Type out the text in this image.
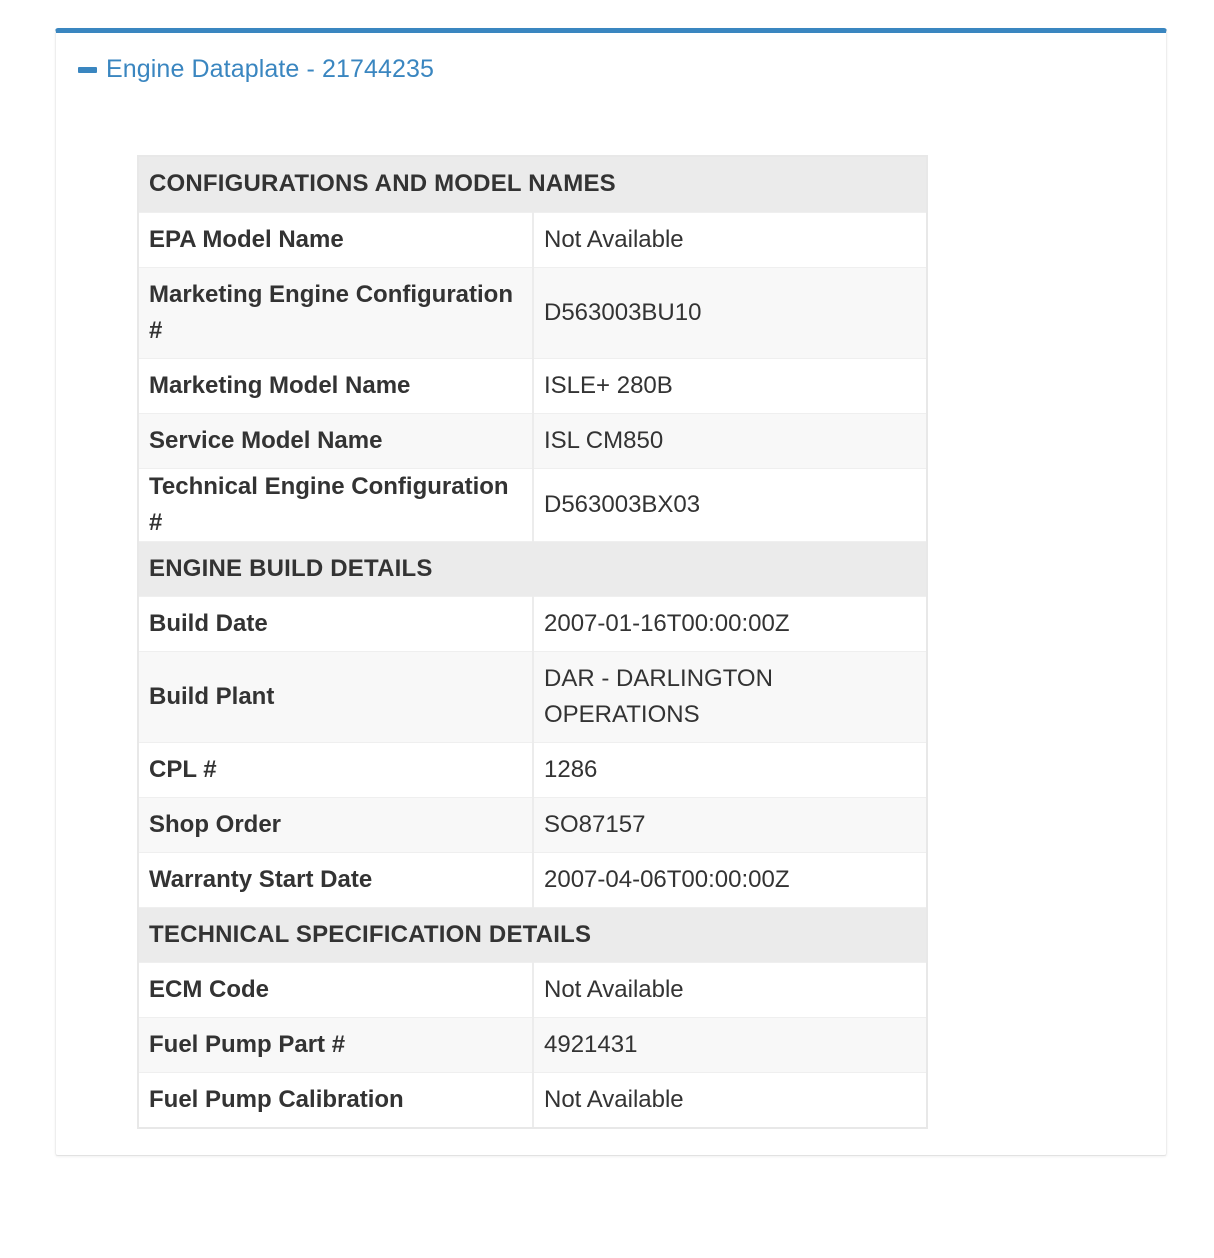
Engine Dataplate - 21744235
CONFIGURATIONS AND MODEL NAMES	
EPA Model Name	Not Available
Marketing Engine Configuration #	D563003BU10
Marketing Model Name	ISLE+ 280B
Service Model Name	ISL CM850
Technical Engine Configuration #	D563003BX03
ENGINE BUILD DETAILS	
Build Date	2007-01-16T00:00:00Z
Build Plant	DAR - DARLINGTON OPERATIONS
CPL #	1286
Shop Order	SO87157
Warranty Start Date	2007-04-06T00:00:00Z
TECHNICAL SPECIFICATION DETAILS	
ECM Code	Not Available
Fuel Pump Part #	4921431
Fuel Pump Calibration	Not Available
